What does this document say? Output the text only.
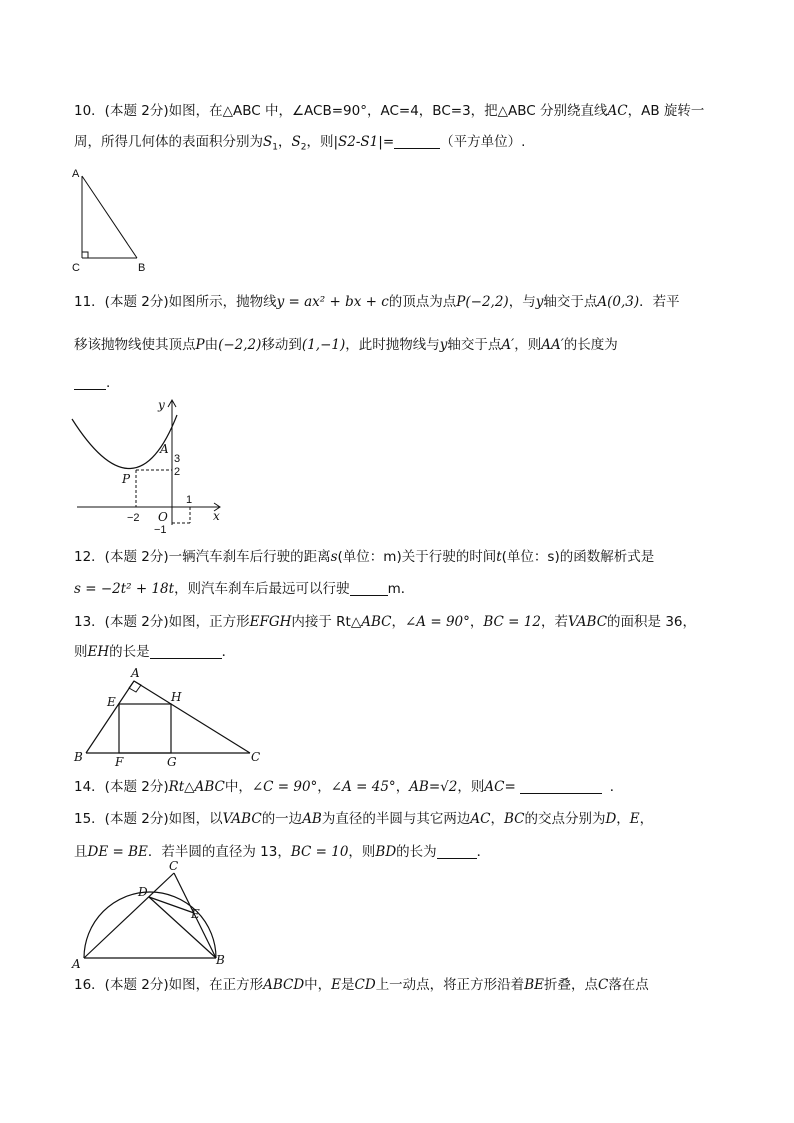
10．(本题 2分)如图，在△ABC 中，∠ACB=90°，AC=4，BC=3，把△ABC 分别绕直线AC，AB 旋转一
周，所得几何体的表面积分别为$S_1$，$S_2$，则|S2-S1|=	（平方单位）.
A
C	B
11．(本题 2分)如图所示，抛物线y = ax² + bx + c的顶点为点P(−2,2)，与y轴交于点A(0,3)．若平
移该抛物线使其顶点P由(−2,2)移动到(1,−1)，此时抛物线与y轴交于点A′，则AA′的长度为
.
y
x
A
3
2
P
1
−2 O
−1
12．(本题 2分)一辆汽车刹车后行驶的距离s(单位：m)关于行驶的时间t(单位：s)的函数解析式是
s = −2t² + 18t，则汽车刹车后最远可以行驶	m．
13．(本题 2分)如图，正方形EFGH内接于 Rt△ABC，∠A = 90°，BC = 12，若VABC的面积是 36，
则EH的长是	．
A
E	H
B	F	G	C
14．(本题 2分)Rt△ABC中，∠C = 90°，∠A = 45°，AB=√2，则AC=	．
15．(本题 2分)如图，以VABC的一边AB为直径的半圆与其它两边AC，BC的交点分别为D，E，
且DE = BE．若半圆的直径为 13，BC = 10，则BD的长为	．
C
D
E
A	B
16．(本题 2分)如图，在正方形ABCD中，E是CD上一动点，将正方形沿着BE折叠，点C落在点
